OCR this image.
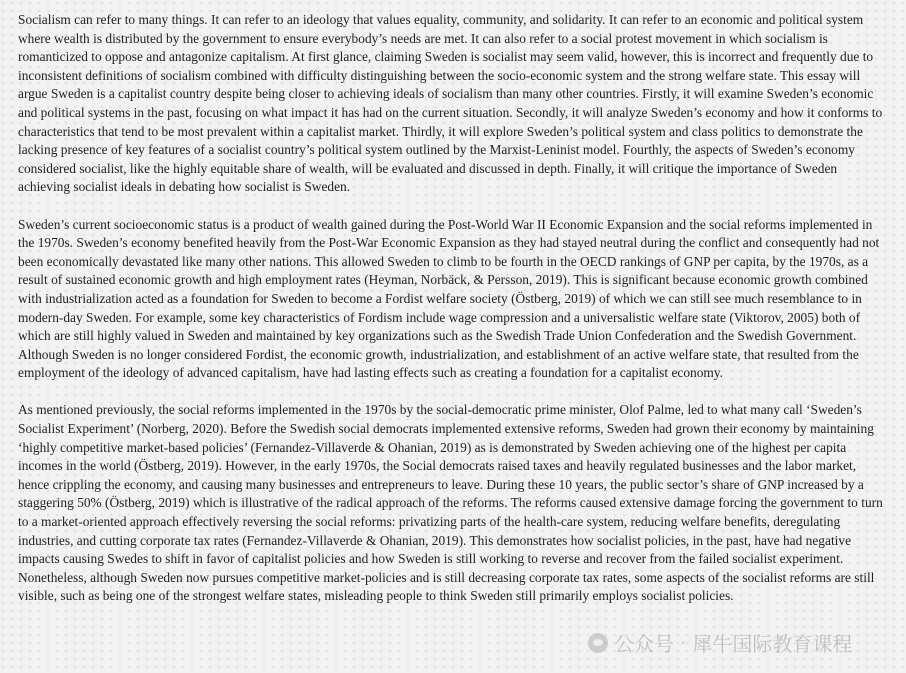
Socialism can refer to many things. It can refer to an ideology that values equality, community, and solidarity. It can refer to an economic and political system where wealth is distributed by the government to ensure everybody’s needs are met. It can also refer to a social protest movement in which socialism is romanticized to oppose and antagonize capitalism. At first glance, claiming Sweden is socialist may seem valid, however, this is incorrect and frequently due to inconsistent definitions of socialism combined with difficulty distinguishing between the socio-economic system and the strong welfare state. This essay will argue Sweden is a capitalist country despite being closer to achieving ideals of socialism than many other countries. Firstly, it will examine Sweden’s economic and political systems in the past, focusing on what impact it has had on the current situation. Secondly, it will analyze Sweden’s economy and how it conforms to characteristics that tend to be most prevalent within a capitalist market. Thirdly, it will explore Sweden’s political system and class politics to demonstrate the lacking presence of key features of a socialist country’s political system outlined by the Marxist-Leninist model. Fourthly, the aspects of Sweden’s economy considered socialist, like the highly equitable share of wealth, will be evaluated and discussed in depth. Finally, it will critique the importance of Sweden achieving socialist ideals in debating how socialist is Sweden.

Sweden’s current socioeconomic status is a product of wealth gained during the Post-World War II Economic Expansion and the social reforms implemented in the 1970s. Sweden’s economy benefited heavily from the Post-War Economic Expansion as they had stayed neutral during the conflict and consequently had not been economically devastated like many other nations. This allowed Sweden to climb to be fourth in the OECD rankings of GNP per capita, by the 1970s, as a result of sustained economic growth and high employment rates (Heyman, Norbäck, & Persson, 2019). This is significant because economic growth combined with industrialization acted as a foundation for Sweden to become a Fordist welfare society (Östberg, 2019) of which we can still see much resemblance to in modern-day Sweden. For example, some key characteristics of Fordism include wage compression and a universalistic welfare state (Viktorov, 2005) both of which are still highly valued in Sweden and maintained by key organizations such as the Swedish Trade Union Confederation and the Swedish Government. Although Sweden is no longer considered Fordist, the economic growth, industrialization, and establishment of an active welfare state, that resulted from the employment of the ideology of advanced capitalism, have had lasting effects such as creating a foundation for a capitalist economy.

As mentioned previously, the social reforms implemented in the 1970s by the social-democratic prime minister, Olof Palme, led to what many call ‘Sweden’s Socialist Experiment’ (Norberg, 2020). Before the Swedish social democrats implemented extensive reforms, Sweden had grown their economy by maintaining ‘highly competitive market-based policies’ (Fernandez-Villaverde & Ohanian, 2019) as is demonstrated by Sweden achieving one of the highest per capita incomes in the world (Östberg, 2019). However, in the early 1970s, the Social democrats raised taxes and heavily regulated businesses and the labor market, hence crippling the economy, and causing many businesses and entrepreneurs to leave. During these 10 years, the public sector’s share of GNP increased by a staggering 50% (Östberg, 2019) which is illustrative of the radical approach of the reforms. The reforms caused extensive damage forcing the government to turn to a market-oriented approach effectively reversing the social reforms: privatizing parts of the health-care system, reducing welfare benefits, deregulating industries, and cutting corporate tax rates (Fernandez-Villaverde & Ohanian, 2019). This demonstrates how socialist policies, in the past, have had negative impacts causing Swedes to shift in favor of capitalist policies and how Sweden is still working to reverse and recover from the failed socialist experiment. Nonetheless, although Sweden now pursues competitive market-policies and is still decreasing corporate tax rates, some aspects of the socialist reforms are still visible, such as being one of the strongest welfare states, misleading people to think Sweden still primarily employs socialist policies.

公众号 · 犀牛国际教育课程
